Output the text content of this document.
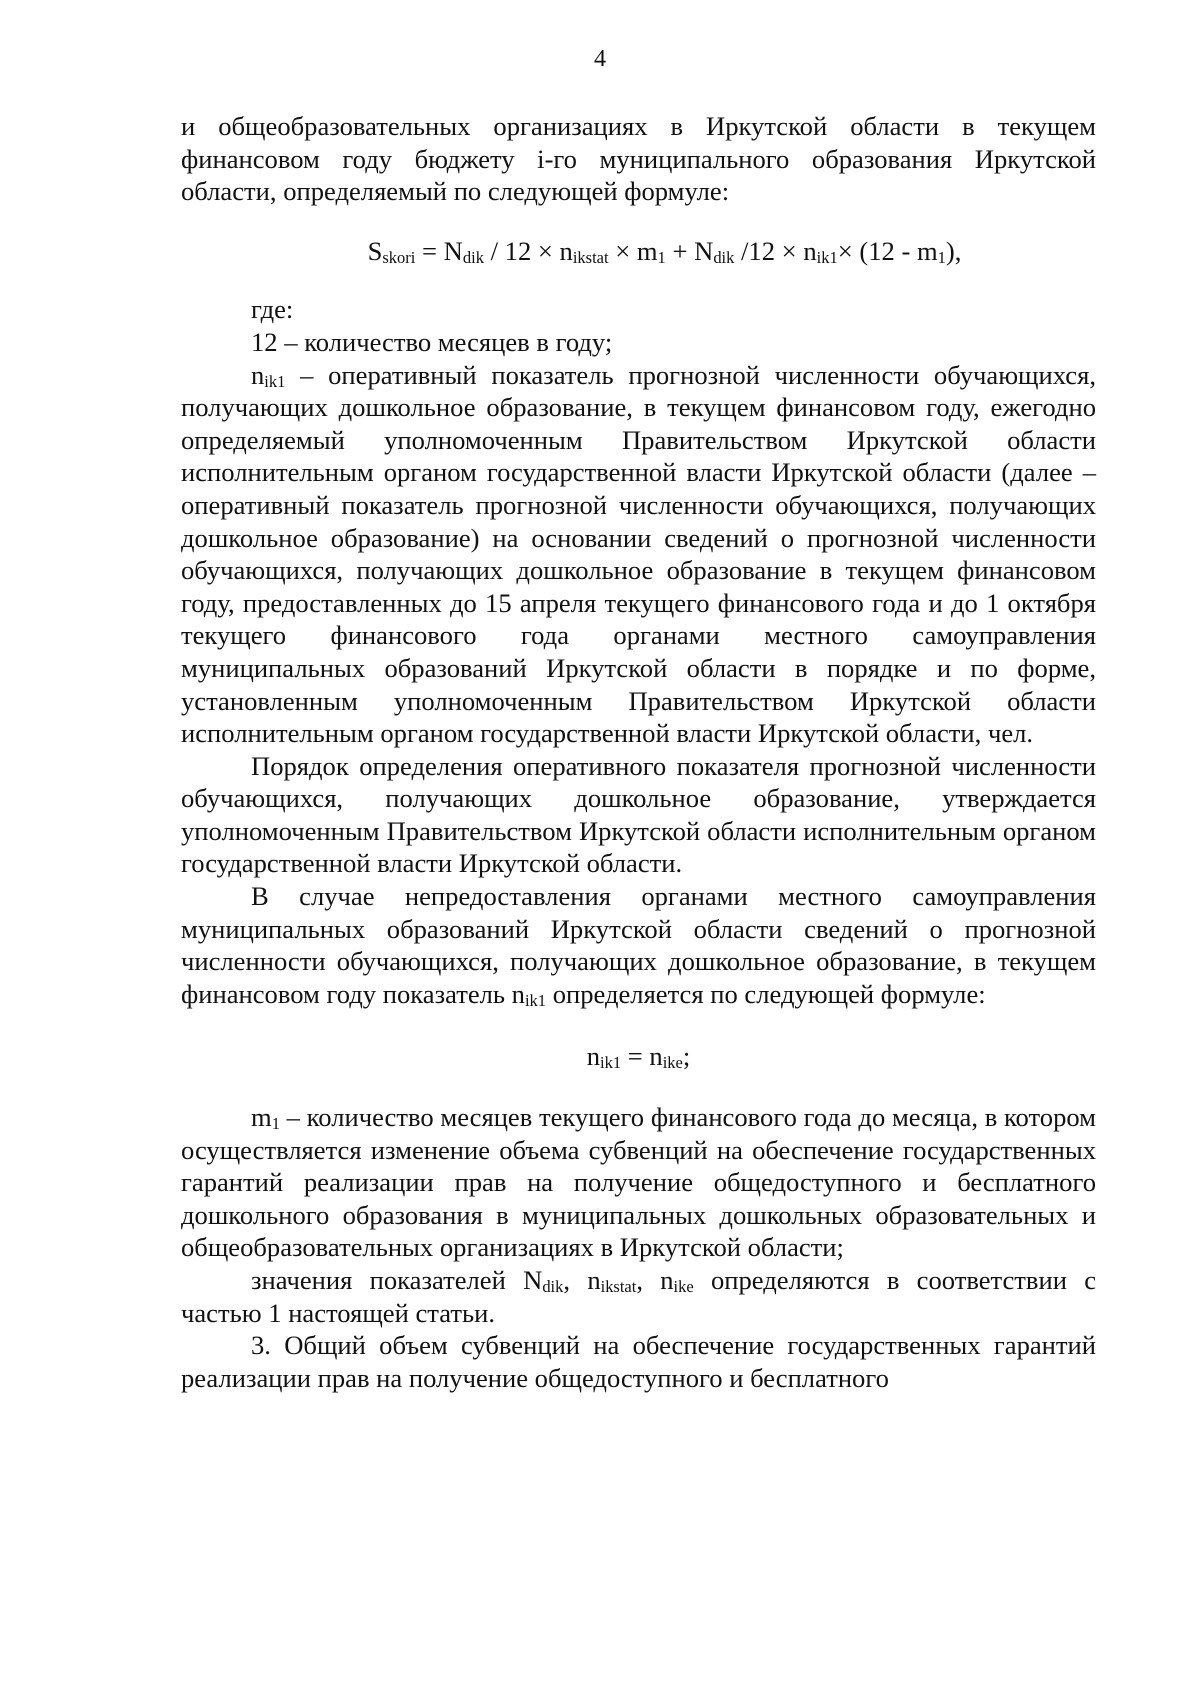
4

и общеобразовательных организациях в Иркутской области в текущем финансовом году бюджету i-го муниципального образования Иркутской области, определяемый по следующей формуле:

$S_{skori} = N_{dik} / 12 \times n_{ikstat} \times m_1 + N_{dik}$ $/12 \times n_{ik1}\times (12 - m_1)$,

где:

12 – количество месяцев в году;

$n_{ik1}$ – оперативный показатель прогнозной численности обучающихся, получающих дошкольное образование, в текущем финансовом году, ежегодно определяемый уполномоченным Правительством Иркутской области исполнительным органом государственной власти Иркутской области (далее – оперативный показатель прогнозной численности обучающихся, получающих дошкольное образование) на основании сведений о прогнозной численности обучающихся, получающих дошкольное образование в текущем финансовом году, предоставленных до 15 апреля текущего финансового года и до 1 октября текущего финансового года органами местного самоуправления муниципальных образований Иркутской области в порядке и по форме, установленным уполномоченным Правительством Иркутской области исполнительным органом государственной власти Иркутской области, чел.

Порядок определения оперативного показателя прогнозной численности обучающихся, получающих дошкольное образование, утверждается уполномоченным Правительством Иркутской области исполнительным органом государственной власти Иркутской области.

В случае непредоставления органами местного самоуправления муниципальных образований Иркутской области сведений о прогнозной численности обучающихся, получающих дошкольное образование, в текущем финансовом году показатель $n_{ik1}$ определяется по следующей формуле:

$n_{ik1} = n_{ike}$;

$m_1$ – количество месяцев текущего финансового года до месяца, в котором осуществляется изменение объема субвенций на обеспечение государственных гарантий реализации прав на получение общедоступного и бесплатного дошкольного образования в муниципальных дошкольных образовательных и общеобразовательных организациях в Иркутской области;

значения показателей $N_{dik}$, $n_{ikstat}$, $n_{ike}$ определяются в соответствии с частью 1 настоящей статьи.

3. Общий объем субвенций на обеспечение государственных гарантий реализации прав на получение общедоступного и бесплатного
